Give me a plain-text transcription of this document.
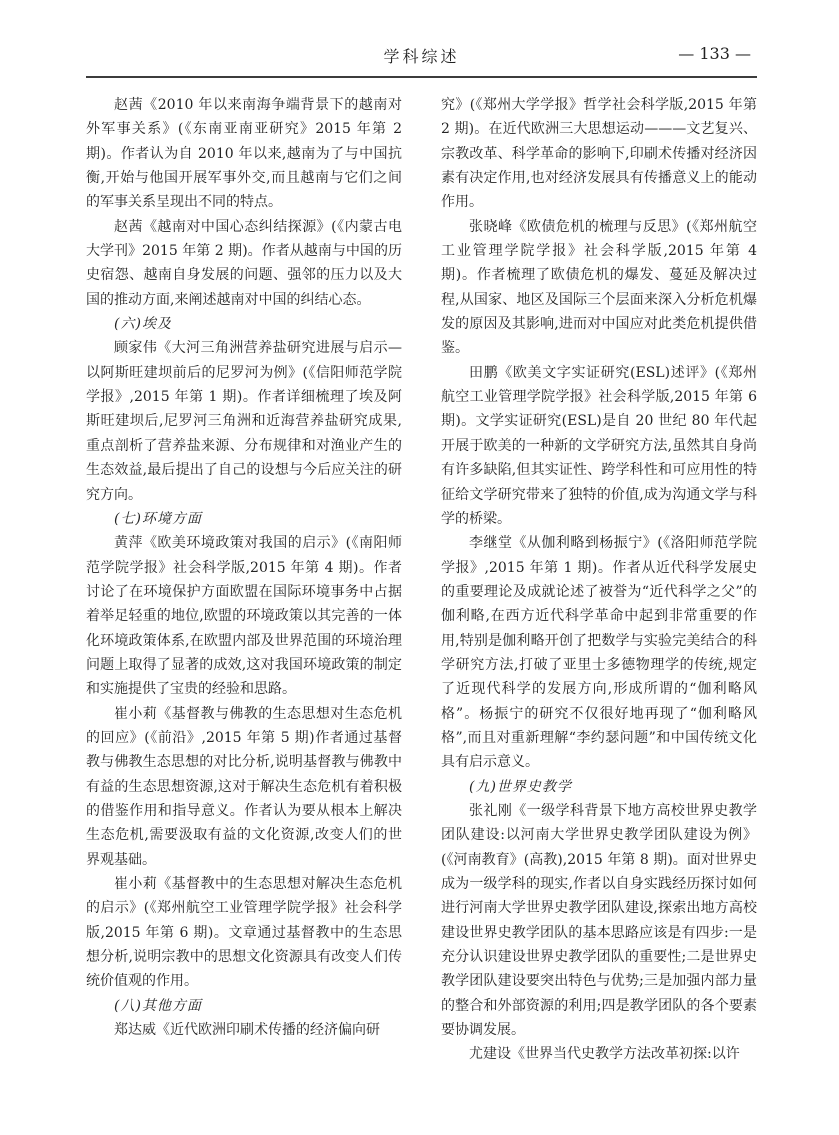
学科综述	— 133 —

赵茜《2010 年以来南海争端背景下的越南对外军事关系》(《东南亚南亚研究》2015 年第 2 期)。作者认为自 2010 年以来,越南为了与中国抗衡,开始与他国开展军事外交,而且越南与它们之间的军事关系呈现出不同的特点。

赵茜《越南对中国心态纠结探源》(《内蒙古电大学刊》2015 年第 2 期)。作者从越南与中国的历史宿怨、越南自身发展的问题、强邻的压力以及大国的推动方面,来阐述越南对中国的纠结心态。

(六)埃及

顾家伟《大河三角洲营养盐研究进展与启示—以阿斯旺建坝前后的尼罗河为例》(《信阳师范学院学报》,2015 年第 1 期)。作者详细梳理了埃及阿斯旺建坝后,尼罗河三角洲和近海营养盐研究成果,重点剖析了营养盐来源、分布规律和对渔业产生的生态效益,最后提出了自己的设想与今后应关注的研究方向。

(七)环境方面

黄萍《欧美环境政策对我国的启示》(《南阳师范学院学报》社会科学版,2015 年第 4 期)。作者讨论了在环境保护方面欧盟在国际环境事务中占据着举足轻重的地位,欧盟的环境政策以其完善的一体化环境政策体系,在欧盟内部及世界范围的环境治理问题上取得了显著的成效,这对我国环境政策的制定和实施提供了宝贵的经验和思路。

崔小莉《基督教与佛教的生态思想对生态危机的回应》(《前沿》,2015 年第 5 期)作者通过基督教与佛教生态思想的对比分析,说明基督教与佛教中有益的生态思想资源,这对于解决生态危机有着积极的借鉴作用和指导意义。作者认为要从根本上解决生态危机,需要汲取有益的文化资源,改变人们的世界观基础。

崔小莉《基督教中的生态思想对解决生态危机的启示》(《郑州航空工业管理学院学报》社会科学版,2015 年第 6 期)。文章通过基督教中的生态思想分析,说明宗教中的思想文化资源具有改变人们传统价值观的作用。

(八)其他方面

郑达威《近代欧洲印刷术传播的经济偏向研

究》(《郑州大学学报》哲学社会科学版,2015 年第 2 期)。在近代欧洲三大思想运动———文艺复兴、宗教改革、科学革命的影响下,印刷术传播对经济因素有决定作用,也对经济发展具有传播意义上的能动作用。

张晓峰《欧债危机的梳理与反思》(《郑州航空工业管理学院学报》社会科学版,2015 年第 4 期)。作者梳理了欧债危机的爆发、蔓延及解决过程,从国家、地区及国际三个层面来深入分析危机爆发的原因及其影响,进而对中国应对此类危机提供借鉴。

田鹏《欧美文字实证研究(ESL)述评》(《郑州航空工业管理学院学报》社会科学版,2015 年第 6 期)。文学实证研究(ESL)是自 20 世纪 80 年代起开展于欧美的一种新的文学研究方法,虽然其自身尚有许多缺陷,但其实证性、跨学科性和可应用性的特征给文学研究带来了独特的价值,成为沟通文学与科学的桥梁。

李继堂《从伽利略到杨振宁》(《洛阳师范学院学报》,2015 年第 1 期)。作者从近代科学发展史的重要理论及成就论述了被誉为“近代科学之父”的伽利略,在西方近代科学革命中起到非常重要的作用,特别是伽利略开创了把数学与实验完美结合的科学研究方法,打破了亚里士多德物理学的传统,规定了近现代科学的发展方向,形成所谓的“伽利略风格”。杨振宁的研究不仅很好地再现了“伽利略风格”,而且对重新理解“李约瑟问题”和中国传统文化具有启示意义。

(九)世界史教学

张礼刚《一级学科背景下地方高校世界史教学团队建设:以河南大学世界史教学团队建设为例》(《河南教育》(高教),2015 年第 8 期)。面对世界史成为一级学科的现实,作者以自身实践经历探讨如何进行河南大学世界史教学团队建设,探索出地方高校建设世界史教学团队的基本思路应该是有四步:一是充分认识建设世界史教学团队的重要性;二是世界史教学团队建设要突出特色与优势;三是加强内部力量的整合和外部资源的利用;四是教学团队的各个要素要协调发展。

尤建设《世界当代史教学方法改革初探:以许
